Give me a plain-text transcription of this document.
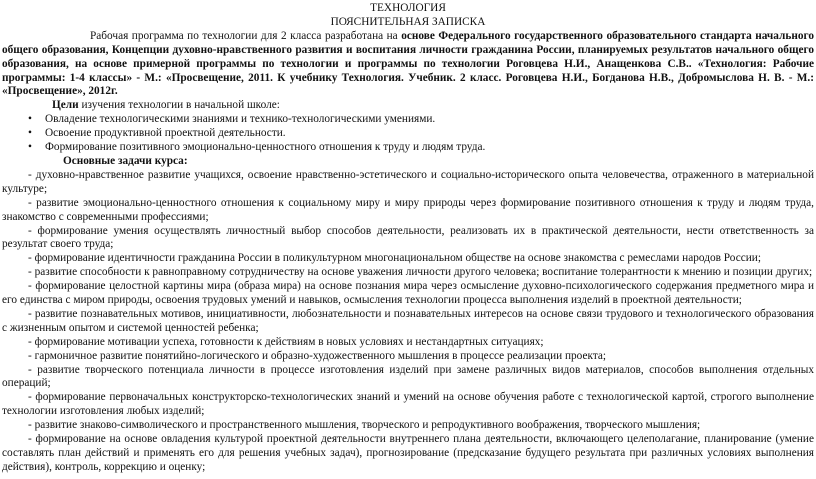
ТЕХНОЛОГИЯ

ПОЯСНИТЕЛЬНАЯ ЗАПИСКА

Рабочая программа по технологии для 2 класса разработана на основе Федерального государственного образовательного стандарта начального общего образования, Концепции духовно-нравственного развития и воспитания личности гражданина России, планируемых результатов начального общего образования, на основе примерной программы по технологии и программы по технологии Роговцева Н.И., Анащенкова С.В.. «Технология: Рабочие программы: 1-4 классы» - М.: «Просвещение, 2011. К учебнику Технология. Учебник. 2 класс. Роговцева Н.И., Богданова Н.В., Добромыслова Н. В. - М.: «Просвещение», 2012г.

Цели изучения технологии в начальной школе:

• Овладение технологическими знаниями и технико-технологическими умениями.
• Освоение продуктивной проектной деятельности.
• Формирование позитивного эмоционально-ценностного отношения к труду и людям труда.

Основные задачи курса:

- духовно-нравственное развитие учащихся, освоение нравственно-эстетического и социально-исторического опыта человечества, отраженного в материальной культуре;

- развитие эмоционально-ценностного отношения к социальному миру и миру природы через формирование позитивного отношения к труду и людям труда, знакомство с современными профессиями;

- формирование умения осуществлять личностный выбор способов деятельности, реализовать их в практической деятельности, нести ответственность за результат своего труда;

- формирование идентичности гражданина России в поликультурном многонациональном обществе на основе знакомства с ремеслами народов России;

- развитие способности к равноправному сотрудничеству на основе уважения личности другого человека; воспитание толерантности к мнению и позиции других;

- формирование целостной картины мира (образа мира) на основе познания мира через осмысление духовно-психологического содержания предметного мира и его единства с миром природы, освоения трудовых умений и навыков, осмысления технологии процесса выполнения изделий в проектной деятельности;

- развитие познавательных мотивов, инициативности, любознательности и познавательных интересов на основе связи трудового и технологического образования с жизненным опытом и системой ценностей ребенка;

- формирование мотивации успеха, готовности к действиям в новых условиях и нестандартных ситуациях;

- гармоничное развитие понятийно-логического и образно-художественного мышления в процессе реализации проекта;

- развитие творческого потенциала личности в процессе изготовления изделий при замене различных видов материалов, способов выполнения отдельных операций;

- формирование первоначальных конструкторско-технологических знаний и умений на основе обучения работе с технологической картой, строгого выполнение технологии изготовления любых изделий;

- развитие знаково-символического и пространственного мышления, творческого и репродуктивного воображения, творческого мышления;

- формирование на основе овладения культурой проектной деятельности внутреннего плана деятельности, включающего целеполагание, планирование (умение составлять план действий и применять его для решения учебных задач), прогнозирование (предсказание будущего результата при различных условиях выполнения действия), контроль, коррекцию и оценку;
